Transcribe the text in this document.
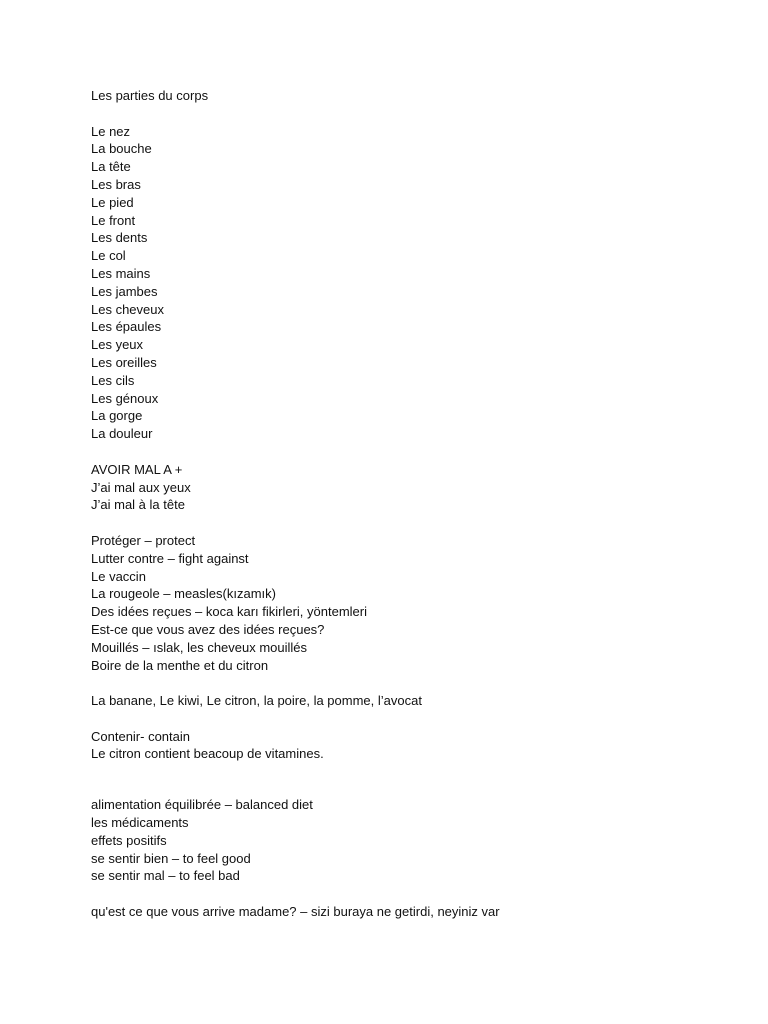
Les parties du corps
Le nez
La bouche
La tête
Les bras
Le pied
Le front
Les dents
Le col
Les mains
Les jambes
Les cheveux
Les épaules
Les yeux
Les oreilles
Les cils
Les génoux
La gorge
La douleur
AVOIR MAL A +
J’ai mal aux yeux
J’ai mal à la tête
Protéger – protect
Lutter contre – fight against
Le vaccin
La rougeole – measles(kızamık)
Des idées reçues – koca karı fikirleri, yöntemleri
Est-ce que vous avez des idées reçues?
Mouillés – ıslak, les cheveux mouillés
Boire de la menthe et du citron
La banane, Le kiwi, Le citron, la poire, la pomme, l’avocat
Contenir- contain
Le citron contient beacoup de vitamines.
alimentation équilibrée – balanced diet
les médicaments
effets positifs
se sentir bien – to feel good
se sentir mal – to feel bad
qu'est ce que vous arrive madame? – sizi buraya ne getirdi, neyiniz var
